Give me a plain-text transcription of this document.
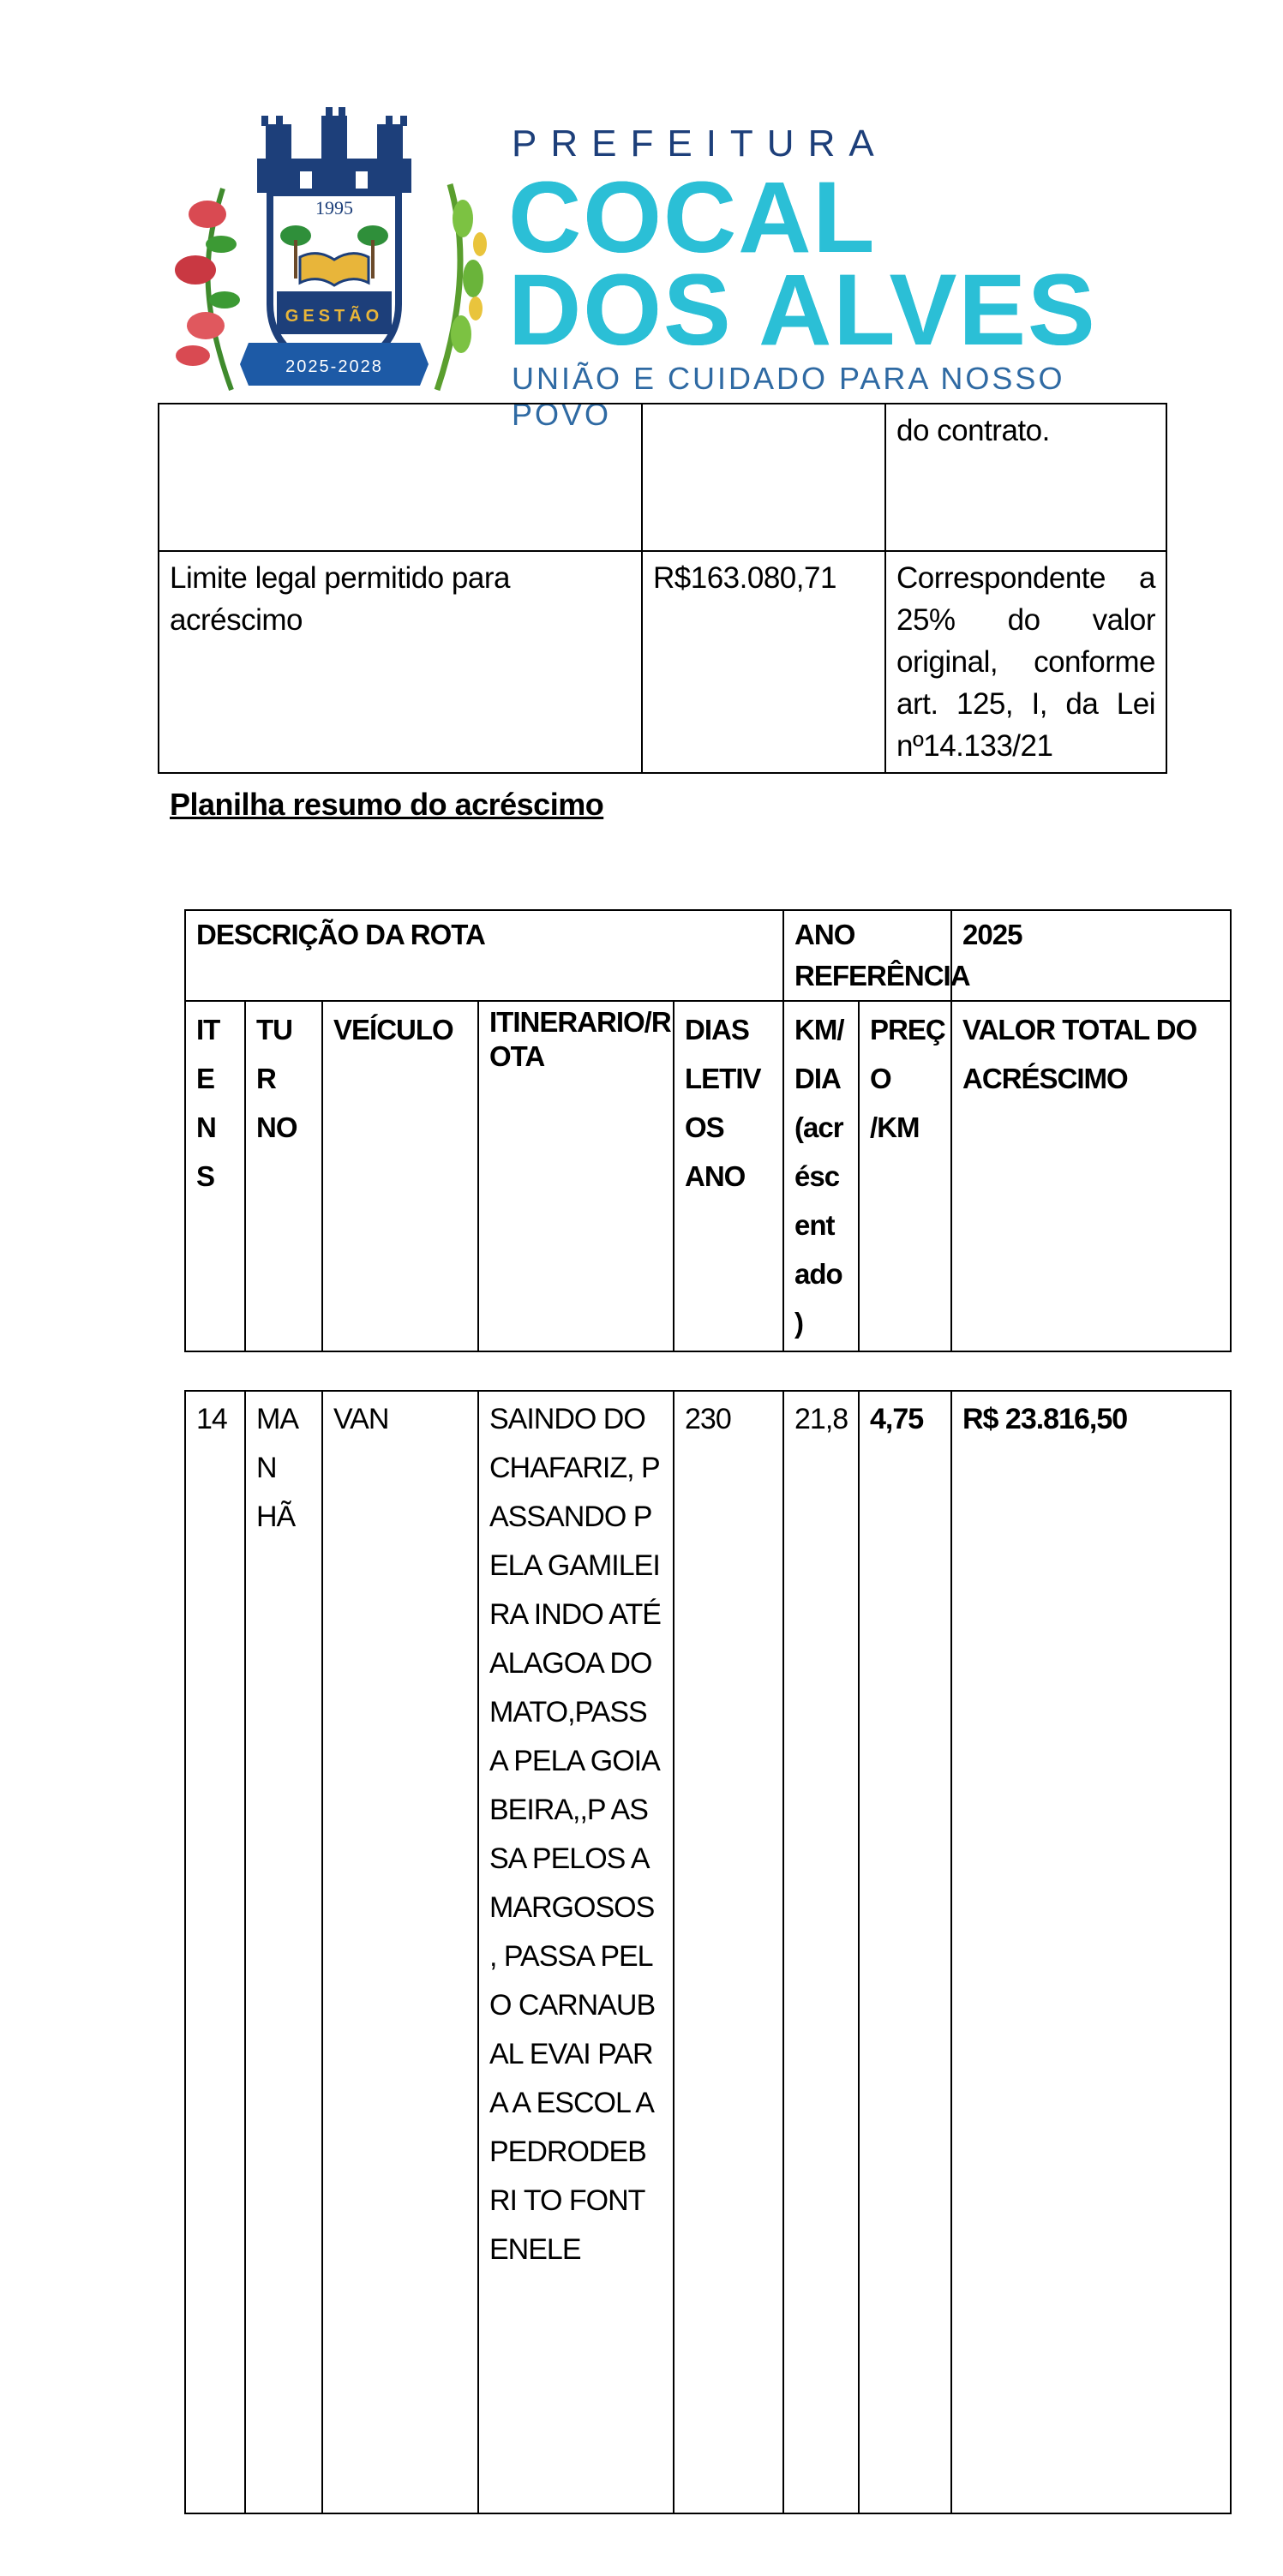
1995
GESTÃO
2025-2028
PREFEITURA
COCAL
DOS ALVES
UNIÃO E CUIDADO PARA NOSSO POVO
			do contrato.
Limite legal permitido para acréscimo	R$163.080,71	Correspondente a 25% do valor original, conforme art. 125, I, da Lei nº14.133/21
Planilha resumo do acréscimo
DESCRIÇÃO DA ROTA					ANO REFERÊNCIA		2025
IT E N S	TU R NO	VEÍCULO	ITINERARIO/R OTA	DIAS LETIV OS ANO	KM/ DIA (acr ésc ent ado )	PREÇ O /KM	VALOR TOTAL DO ACRÉSCIMO
14	MA N HÃ	VAN	SAINDO DO CHAFARIZ, PASSANDO PELA GAMILEIRA INDO ATÉALAGOA DO MATO,PASSA PELA GOIABEIRA,,P ASSA PELOS AMARGOSOS , PASSA PELO CARNAUBAL EVAI PARA A ESCOL A PEDRODEBRI TO FONTENELE	230	21,8	4,75	R$ 23.816,50
